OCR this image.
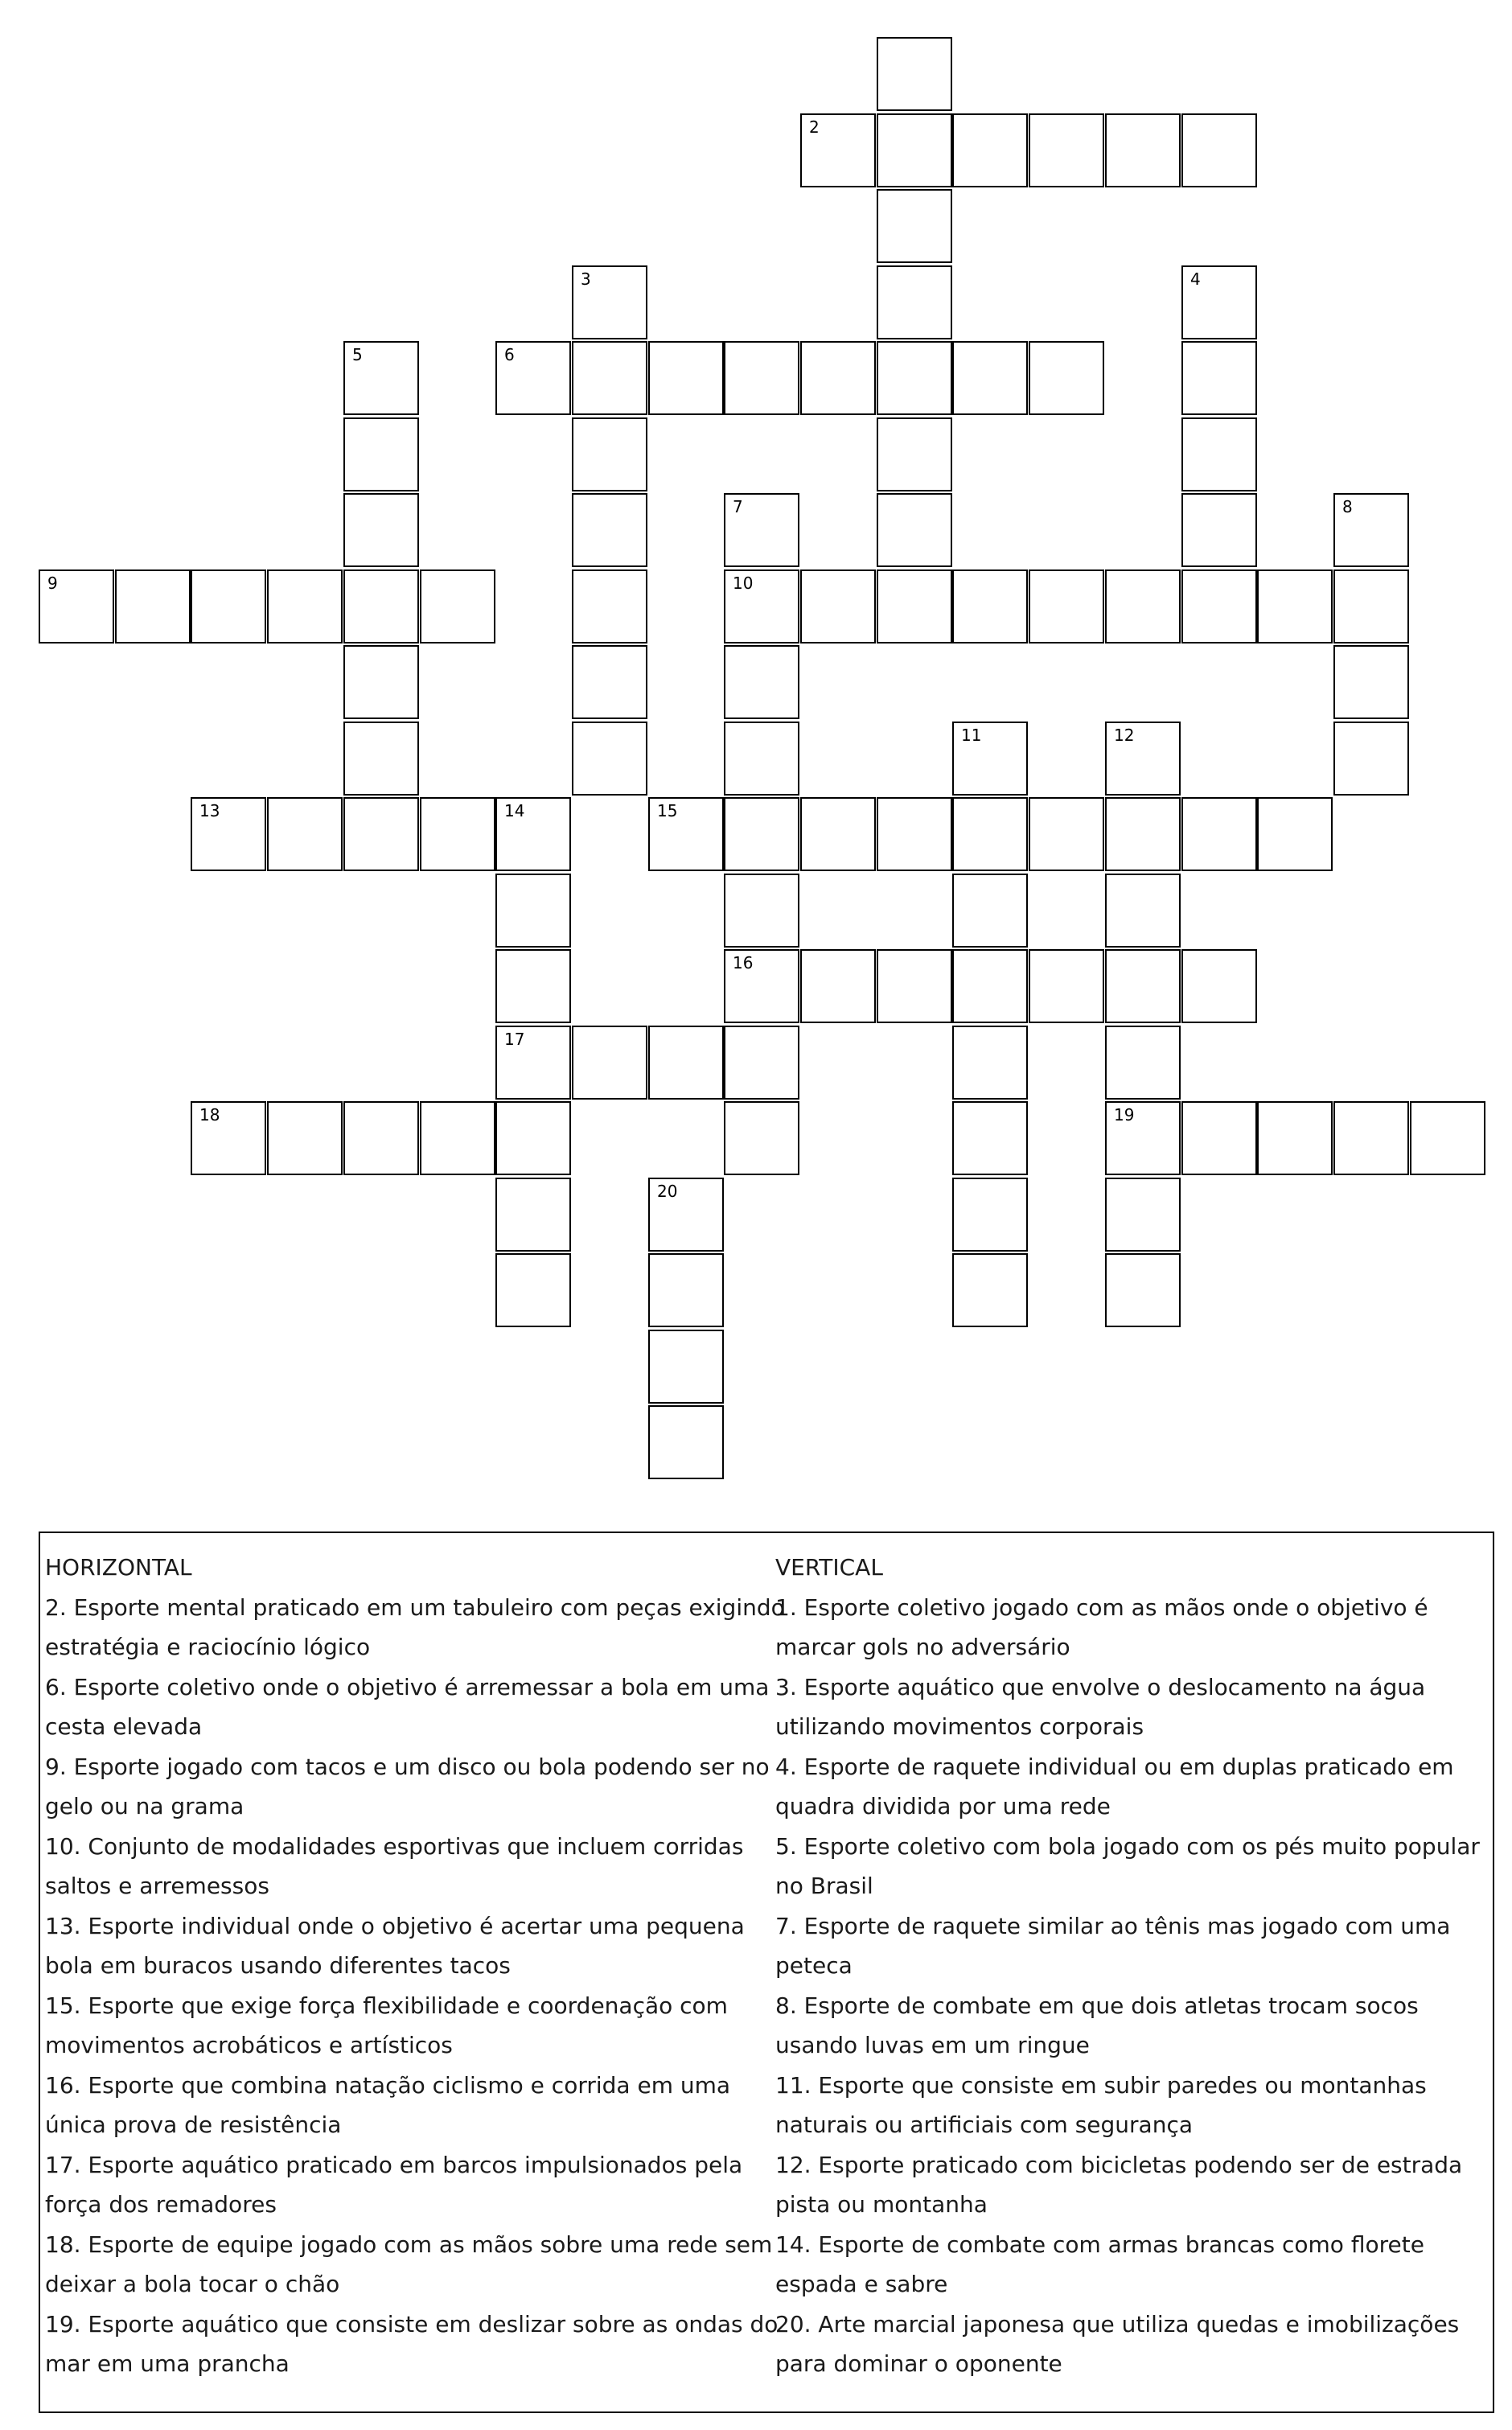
2
3	4
5	6
7	8
9	10
11	12
13	14	15
16
17
18	19
20

HORIZONTAL

2. Esporte mental praticado em um tabuleiro com peças exigindo estratégia e raciocínio lógico

6. Esporte coletivo onde o objetivo é arremessar a bola em uma cesta elevada

9. Esporte jogado com tacos e um disco ou bola podendo ser no gelo ou na grama

10. Conjunto de modalidades esportivas que incluem corridas saltos e arremessos

13. Esporte individual onde o objetivo é acertar uma pequena bola em buracos usando diferentes tacos

15. Esporte que exige força flexibilidade e coordenação com movimentos acrobáticos e artísticos

16. Esporte que combina natação ciclismo e corrida em uma única prova de resistência

17. Esporte aquático praticado em barcos impulsionados pela força dos remadores

18. Esporte de equipe jogado com as mãos sobre uma rede sem deixar a bola tocar o chão

19. Esporte aquático que consiste em deslizar sobre as ondas do mar em uma prancha

VERTICAL

1. Esporte coletivo jogado com as mãos onde o objetivo é marcar gols no adversário

3. Esporte aquático que envolve o deslocamento na água utilizando movimentos corporais

4. Esporte de raquete individual ou em duplas praticado em quadra dividida por uma rede

5. Esporte coletivo com bola jogado com os pés muito popular no Brasil

7. Esporte de raquete similar ao tênis mas jogado com uma peteca

8. Esporte de combate em que dois atletas trocam socos usando luvas em um ringue

11. Esporte que consiste em subir paredes ou montanhas naturais ou artificiais com segurança

12. Esporte praticado com bicicletas podendo ser de estrada pista ou montanha

14. Esporte de combate com armas brancas como florete espada e sabre

20. Arte marcial japonesa que utiliza quedas e imobilizações para dominar o oponente
